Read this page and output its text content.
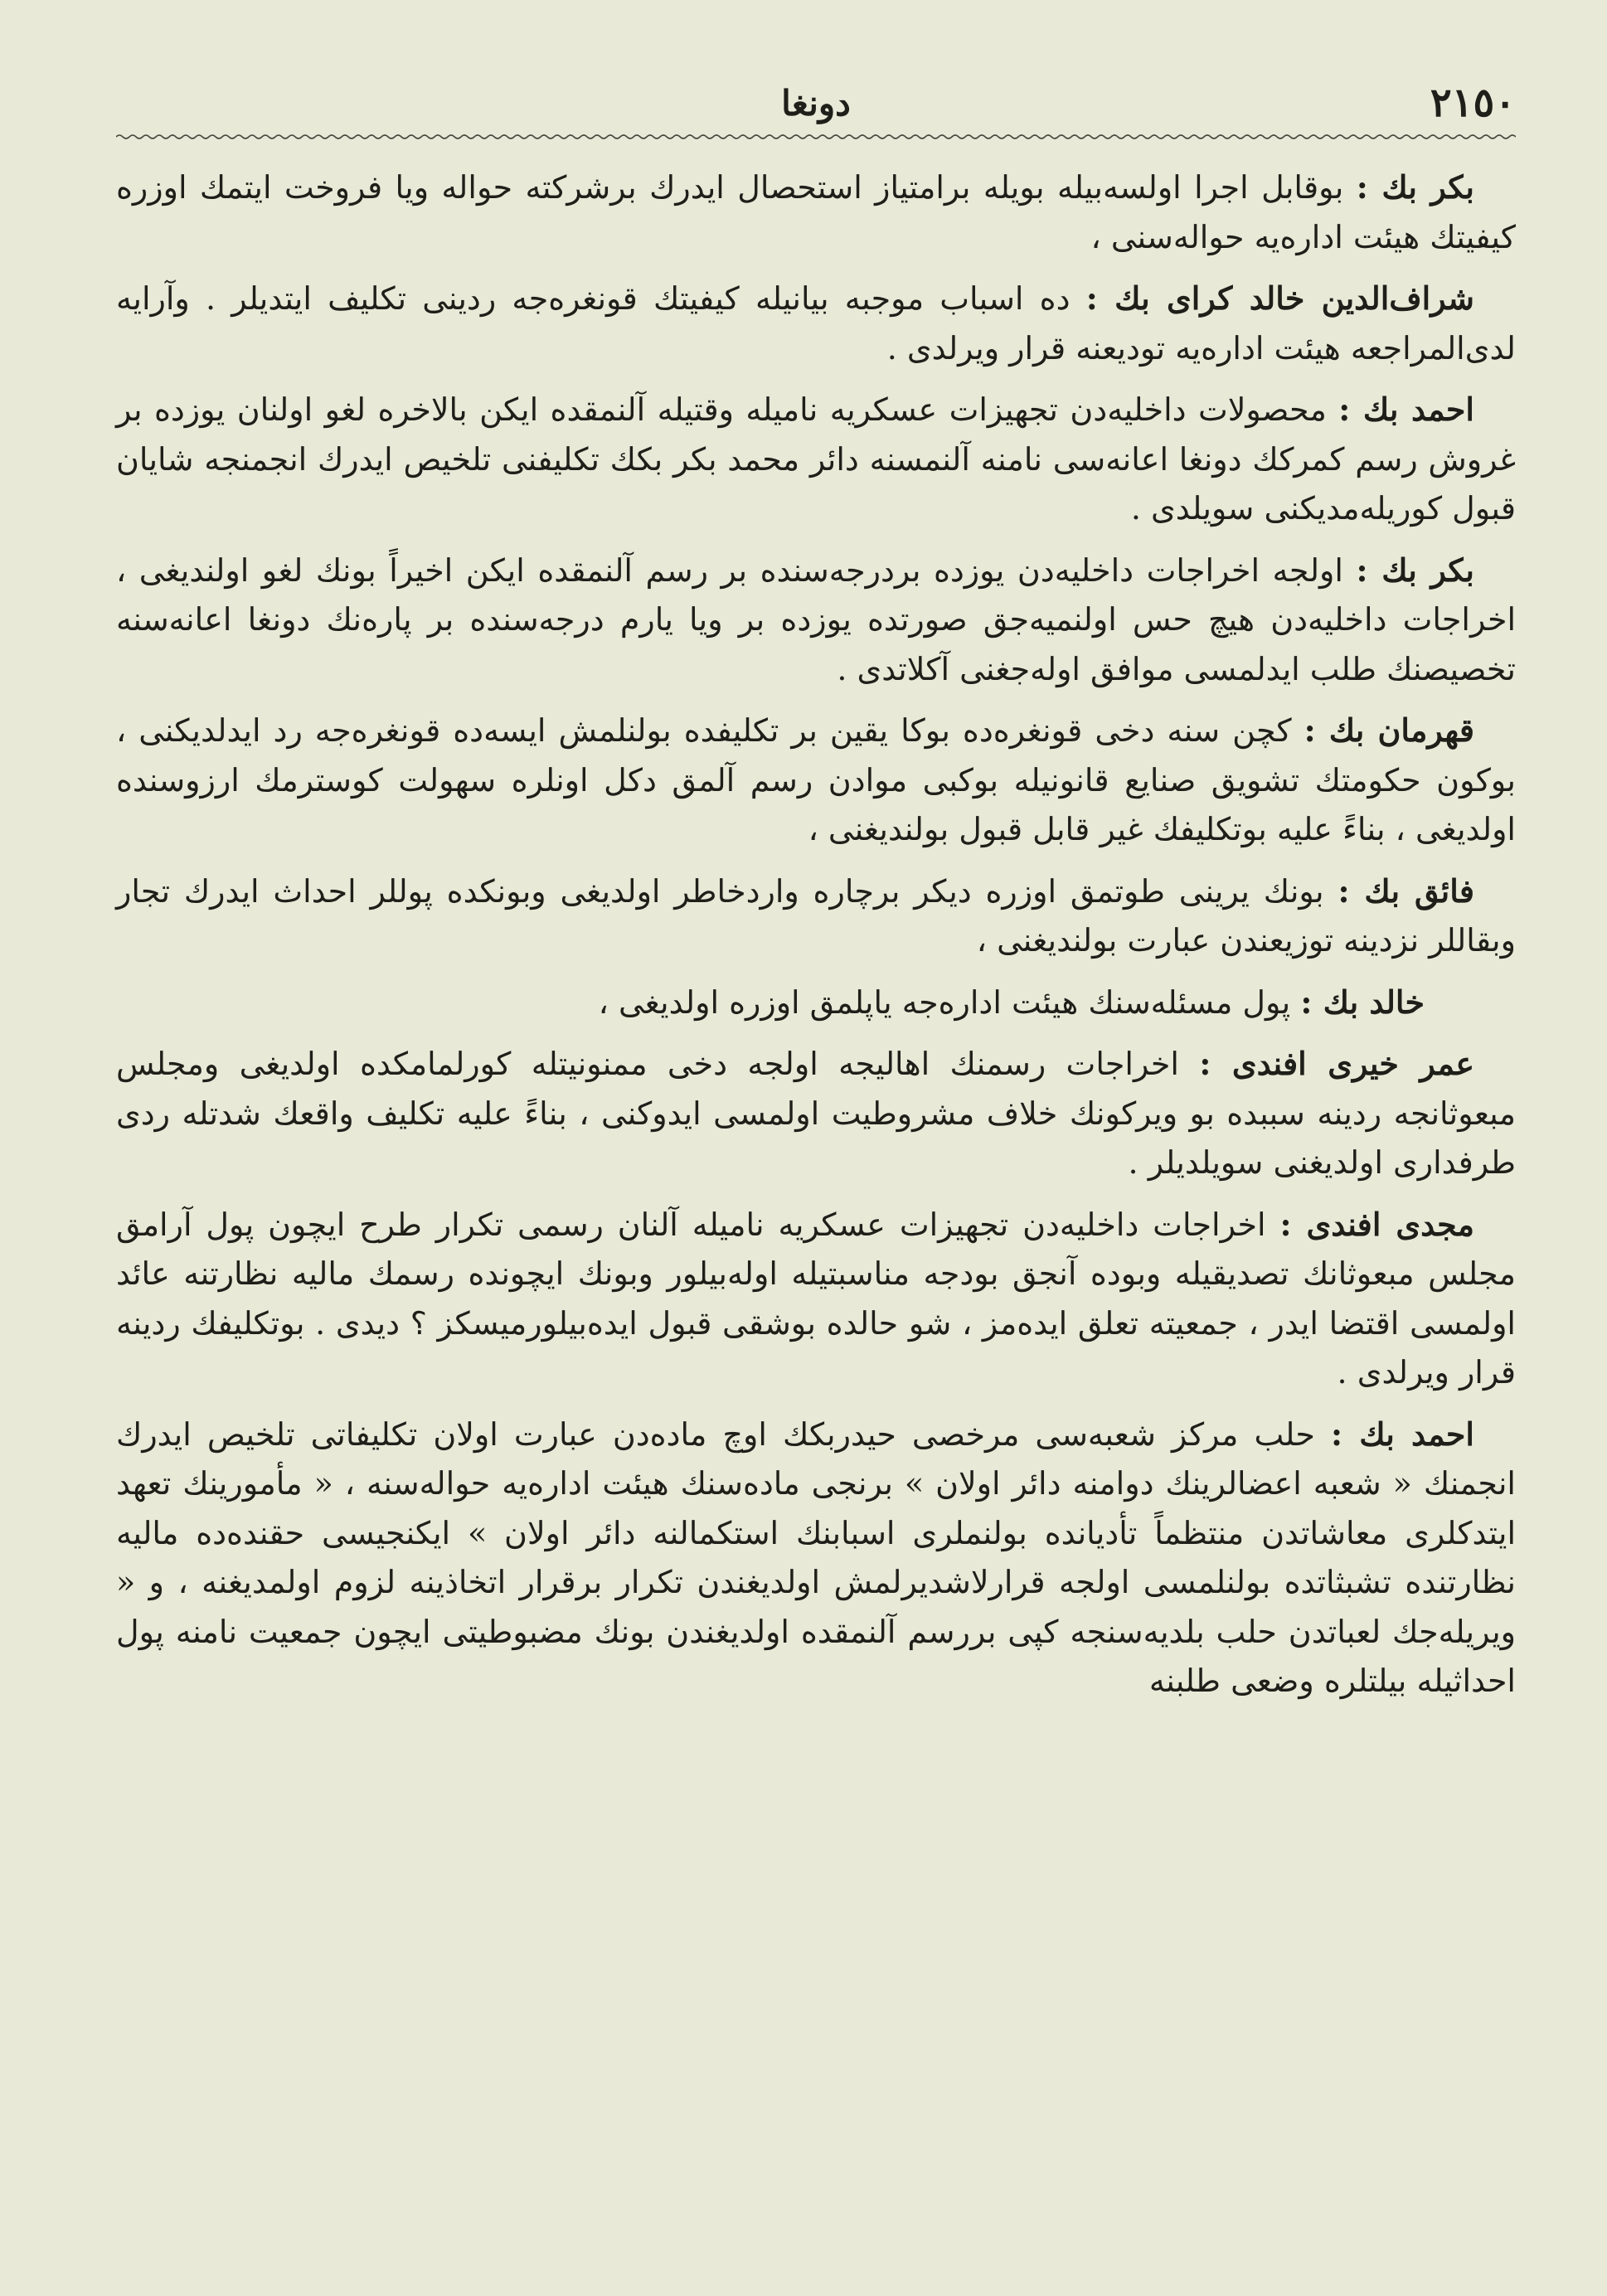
٢١٥٠
دونغا

بكر بك : بوقابل اجرا اولسه‌بيله بويله برامتياز استحصال ايدرك برشركته حواله ويا فروخت ايتمك اوزره كيفيتك هيئت اداره‌يه حواله‌سنى ،

شراف‌الدين خالد كراى بك : ده اسباب موجبه بيانيله كيفيتك قونغره‌جه ردينى تكليف ايتديلر . وآرايه لدى‌المراجعه هيئت اداره‌يه توديعنه قرار ويرلدى .

احمد بك : محصولات داخليه‌دن تجهيزات عسكريه ناميله وقتيله آلنمقده ايكن بالاخره لغو اولنان يوزده بر غروش رسم كمركك دونغا اعانه‌سى نامنه آلنمسنه دائر محمد بكر بكك تكليفنى تلخيص ايدرك انجمنجه شايان قبول كوريله‌مديكنى سويلدى .

بكر بك : اولجه اخراجات داخليه‌دن يوزده بردرجه‌سنده بر رسم آلنمقده ايكن اخيراً بونك لغو اولنديغى ، اخراجات داخليه‌دن هيچ حس اولنميه‌جق صورتده يوزده بر ويا يارم درجه‌سنده بر پاره‌نك دونغا اعانه‌سنه تخصيصنك طلب ايدلمسى موافق اوله‌جغنى آكلاتدى .

قهرمان بك : كچن سنه دخى قونغره‌ده بوكا يقين بر تكليفده بولنلمش ايسه‌ده قونغره‌جه رد ايدلديكنى ، بوكون حكومتك تشويق صنايع قانونيله بوكبى موادن رسم آلمق دكل اونلره سهولت كوسترمك ارزوسنده اولديغى ، بناءً عليه بوتكليفك غير قابل قبول بولنديغنى ،

فائق بك : بونك يرينى طوتمق اوزره ديكر برچاره واردخاطر اولديغى وبونكده پوللر احداث ايدرك تجار وبقاللر نزدينه توزيعندن عبارت بولنديغنى ،

خالد بك : پول مسئله‌سنك هيئت اداره‌جه ياپلمق اوزره اولديغى ،

عمر خيرى افندى : اخراجات رسمنك اهاليجه اولجه دخى ممنونيتله كورلمامكده اولديغى ومجلس مبعوثانجه ردينه سببده بو ويركونك خلاف مشروطيت اولمسى ايدوكنى ، بناءً عليه تكليف واقعك شدتله ردى طرفدارى اولديغنى سويلديلر .

مجدى افندى : اخراجات داخليه‌دن تجهيزات عسكريه ناميله آلنان رسمى تكرار طرح ايچون پول آرامق مجلس مبعوثانك تصديقيله وبوده آنجق بودجه مناسبتيله اوله‌بيلور وبونك ايچونده رسمك ماليه نظارتنه عائد اولمسى اقتضا ايدر ، جمعيته تعلق ايده‌مز ، شو حالده بوشقى قبول ايده‌بيلورميسكز ؟ ديدى . بوتكليفك ردينه قرار ويرلدى .

احمد بك : حلب مركز شعبه‌سى مرخصى حيدربكك اوچ ماده‌دن عبارت اولان تكليفاتى تلخيص ايدرك انجمنك « شعبه اعضالرينك دوامنه دائر اولان » برنجى ماده‌سنك هيئت اداره‌يه حواله‌سنه ، « مأمورينك تعهد ايتدكلرى معاشاتدن منتظماً تأديانده بولنملرى اسبابنك استكمالنه دائر اولان » ايكنجيسى حقنده‌ده ماليه نظارتنده تشبثاتده بولنلمسى اولجه قرارلاشديرلمش اولديغندن تكرار برقرار اتخاذينه لزوم اولمديغنه ، و « ويريله‌جك لعباتدن حلب بلديه‌سنجه كپى بررسم آلنمقده اولديغندن بونك مضبوطيتى ايچون جمعيت نامنه پول احداثيله بيلتلره وضعى طلبنه
